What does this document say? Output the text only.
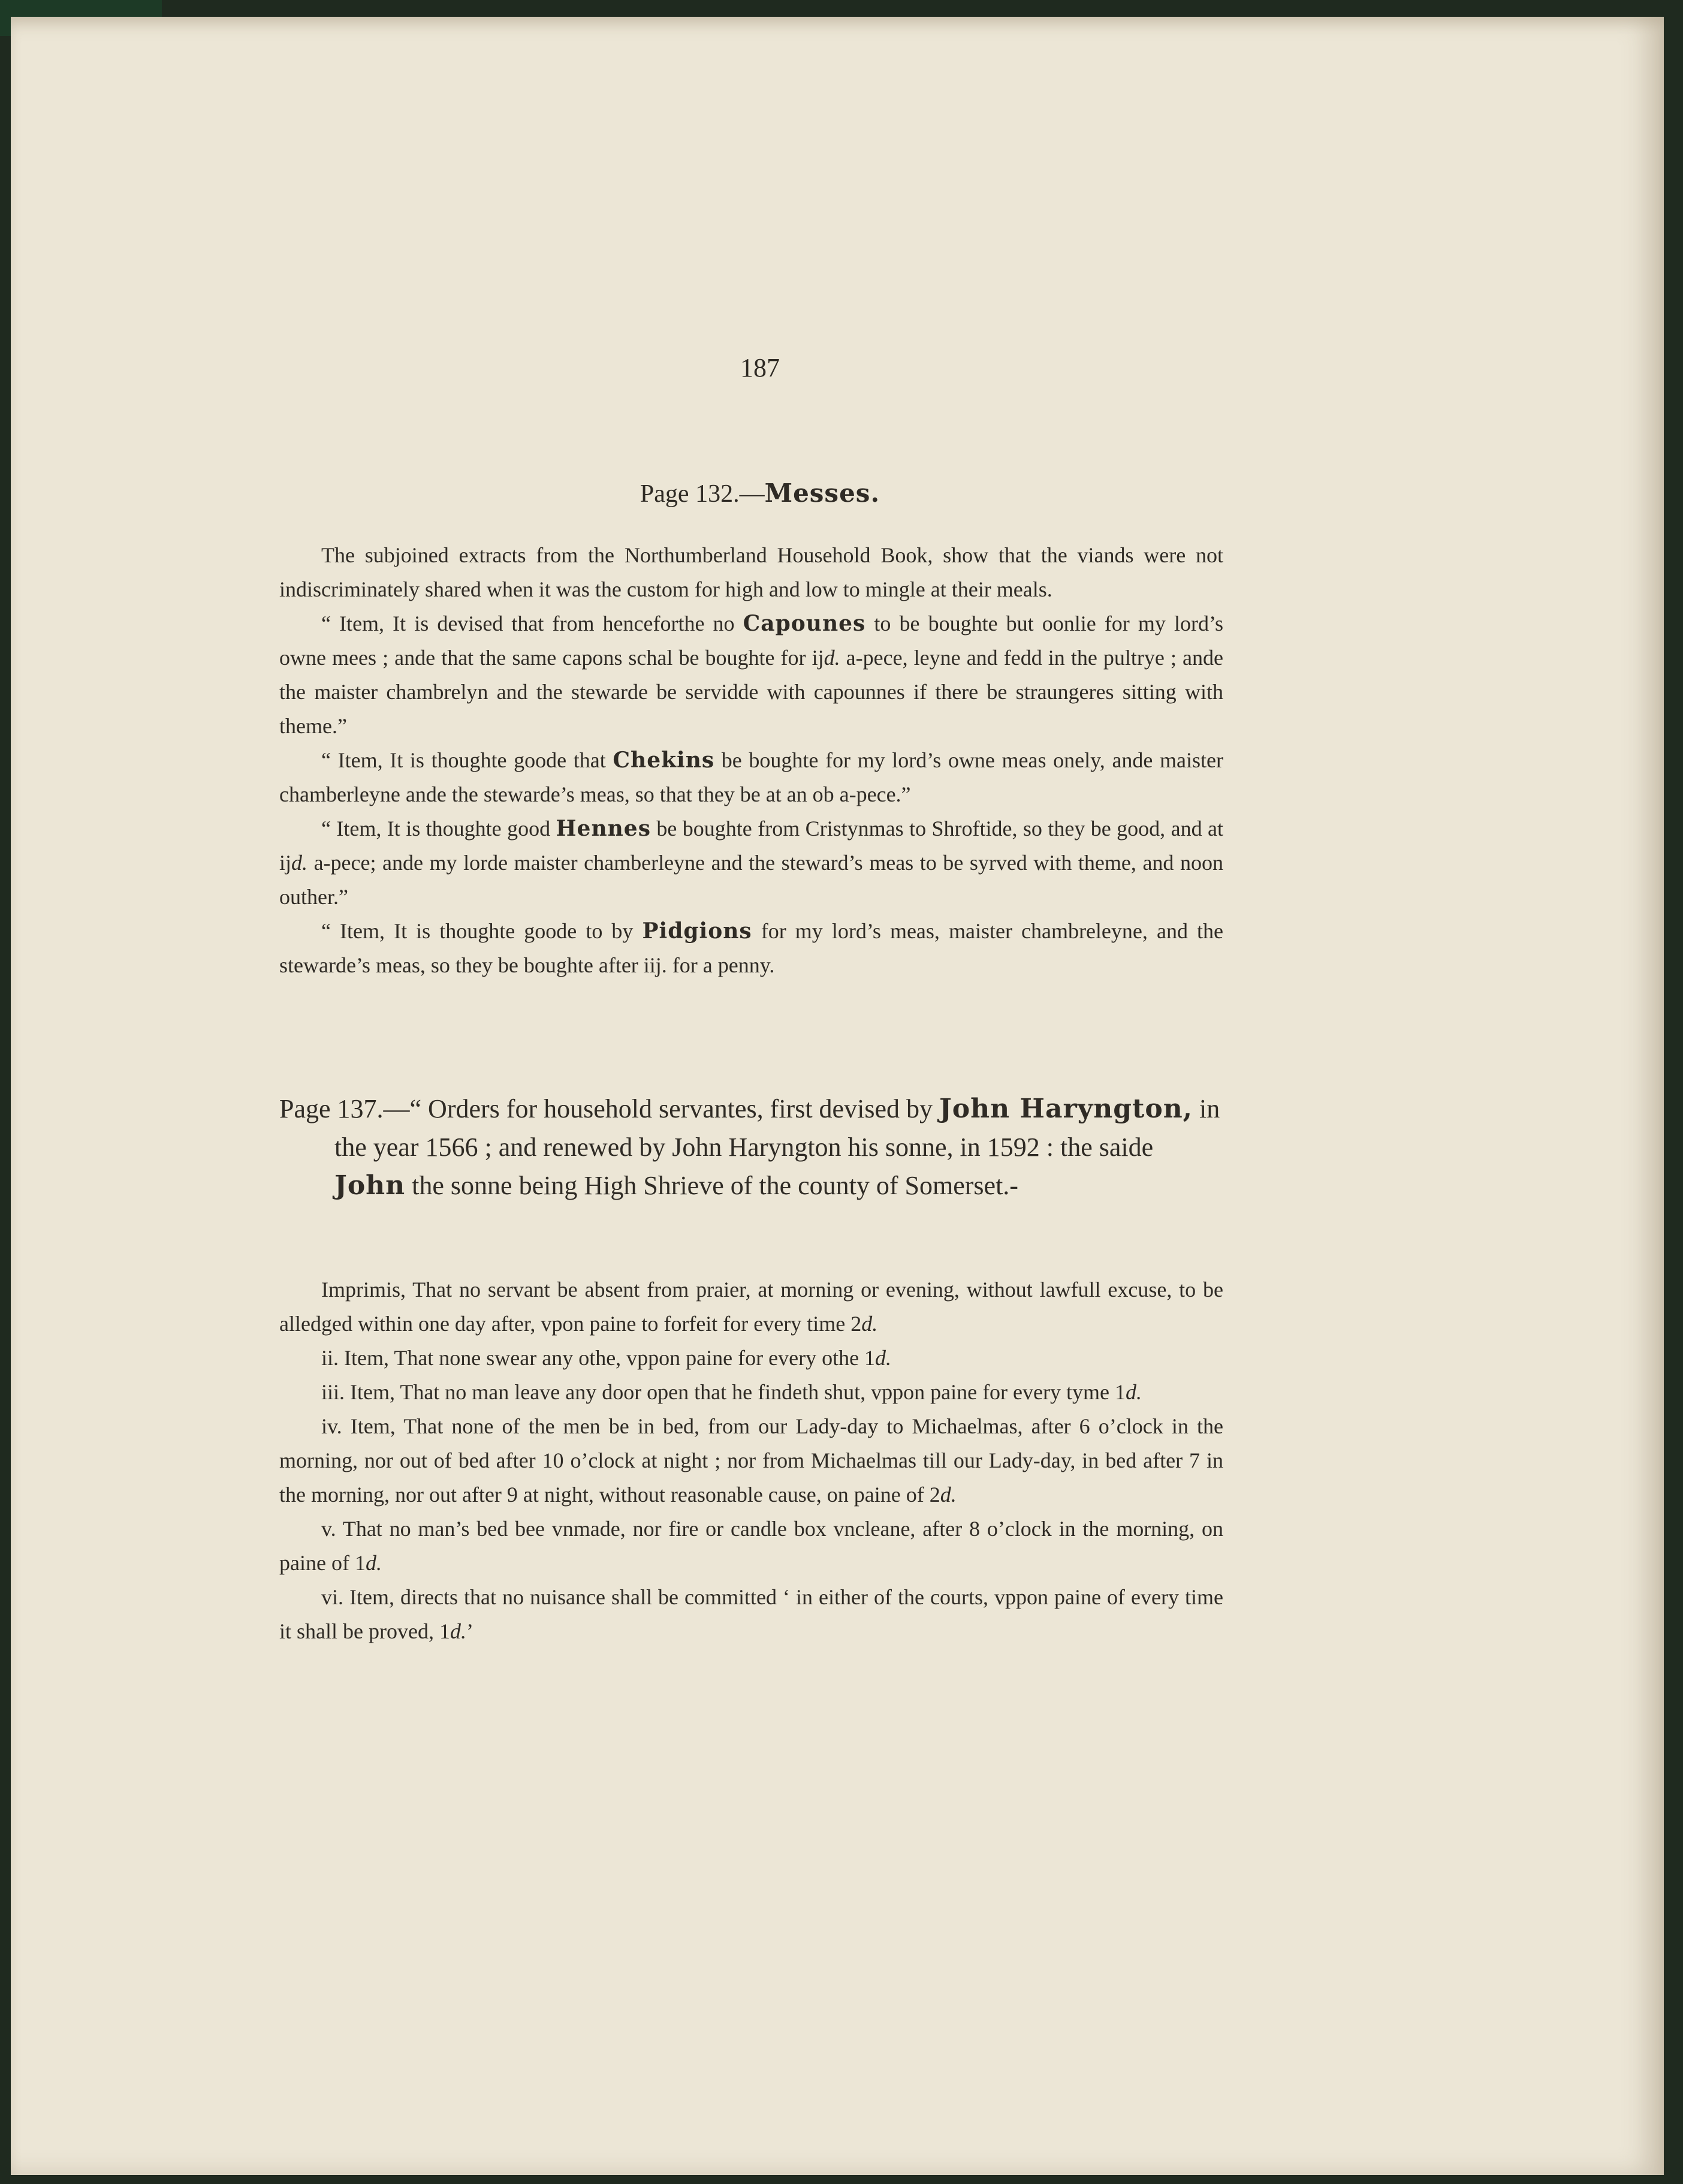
187
Page 132.—Messes.

The subjoined extracts from the Northumberland Household Book, show that the viands were not indiscriminately shared when it was the custom for high and low to mingle at their meals.

“ Item, It is devised that from henceforthe no Capounes to be boughte but oonlie for my lord’s owne mees ; ande that the same capons schal be boughte for ijd. a-pece, leyne and fedd in the pultrye ; ande the maister chambrelyn and the stewarde be servidde with capounnes if there be straungeres sitting with theme.”

“ Item, It is thoughte goode that Chekins be boughte for my lord’s owne meas onely, ande maister chamberleyne ande the stewarde’s meas, so that they be at an ob a-pece.”

“ Item, It is thoughte good Hennes be boughte from Cristynmas to Shroftide, so they be good, and at ijd. a-pece; ande my lorde maister chamberleyne and the steward’s meas to be syrved with theme, and noon outher.”

“ Item, It is thoughte goode to by Pidgions for my lord’s meas, maister chambreleyne, and the stewarde’s meas, so they be boughte after iij. for a penny.

Page 137.—“ Orders for household servantes, first devised by John Haryngton, in the year 1566 ; and renewed by John Haryngton his sonne, in 1592 : the saide John the sonne being High Shrieve of the county of Somerset.-

Imprimis, That no servant be absent from praier, at morning or evening, without lawfull excuse, to be alledged within one day after, vpon paine to forfeit for every time 2d.

ii. Item, That none swear any othe, vppon paine for every othe 1d.

iii. Item, That no man leave any door open that he findeth shut, vppon paine for every tyme 1d.

iv. Item, That none of the men be in bed, from our Lady-day to Michaelmas, after 6 o’clock in the morning, nor out of bed after 10 o’clock at night ; nor from Michaelmas till our Lady-day, in bed after 7 in the morning, nor out after 9 at night, without reasonable cause, on paine of 2d.

v. That no man’s bed bee vnmade, nor fire or candle box vncleane, after 8 o’clock in the morning, on paine of 1d.

vi. Item, directs that no nuisance shall be committed ‘ in either of the courts, vppon paine of every time it shall be proved, 1d.’
